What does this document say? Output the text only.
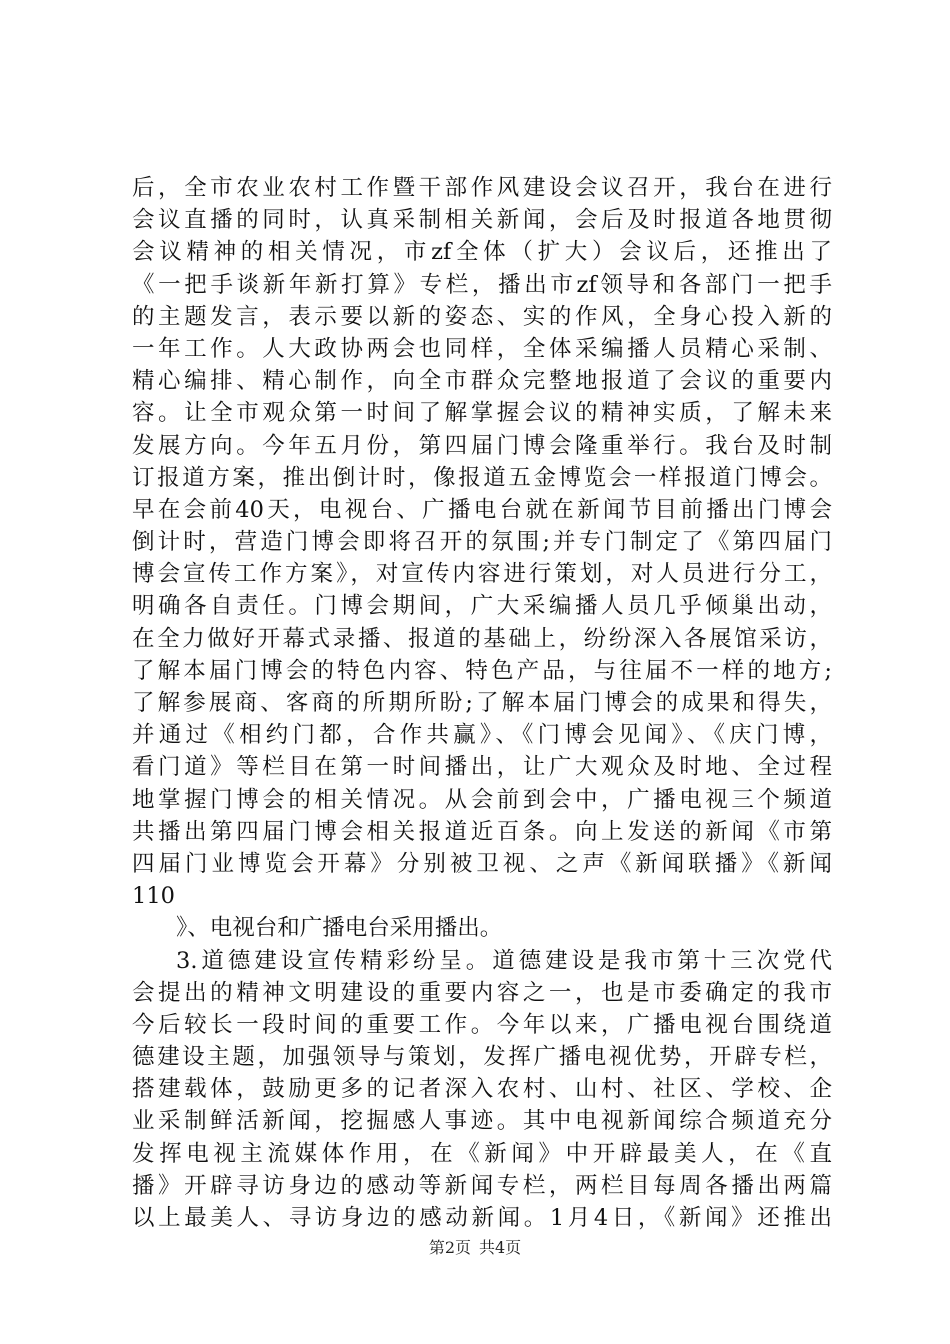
后，全市农业农村工作暨干部作风建设会议召开，我台在进行
会议直播的同时，认真采制相关新闻，会后及时报道各地贯彻
会议精神的相关情况，市zf全体（扩大）会议后，还推出了
《一把手谈新年新打算》专栏，播出市zf领导和各部门一把手
的主题发言，表示要以新的姿态、实的作风，全身心投入新的
一年工作。人大政协两会也同样，全体采编播人员精心采制、
精心编排、精心制作，向全市群众完整地报道了会议的重要内
容。让全市观众第一时间了解掌握会议的精神实质，了解未来
发展方向。今年五月份，第四届门博会隆重举行。我台及时制
订报道方案，推出倒计时，像报道五金博览会一样报道门博会。
早在会前40天，电视台、广播电台就在新闻节目前播出门博会
倒计时，营造门博会即将召开的氛围;并专门制定了《第四届门
博会宣传工作方案》，对宣传内容进行策划，对人员进行分工，
明确各自责任。门博会期间，广大采编播人员几乎倾巢出动，
在全力做好开幕式录播、报道的基础上，纷纷深入各展馆采访，
了解本届门博会的特色内容、特色产品，与往届不一样的地方;
了解参展商、客商的所期所盼;了解本届门博会的成果和得失，
并通过《相约门都，合作共赢》、《门博会见闻》、《庆门博，
看门道》等栏目在第一时间播出，让广大观众及时地、全过程
地掌握门博会的相关情况。从会前到会中，广播电视三个频道
共播出第四届门博会相关报道近百条。向上发送的新闻《市第
四届门业博览会开幕》分别被卫视、之声《新闻联播》《新闻
110
》、电视台和广播电台采用播出。
3.道德建设宣传精彩纷呈。道德建设是我市第十三次党代
会提出的精神文明建设的重要内容之一，也是市委确定的我市
今后较长一段时间的重要工作。今年以来，广播电视台围绕道
德建设主题，加强领导与策划，发挥广播电视优势，开辟专栏，
搭建载体，鼓励更多的记者深入农村、山村、社区、学校、企
业采制鲜活新闻，挖掘感人事迹。其中电视新闻综合频道充分
发挥电视主流媒体作用，在《新闻》中开辟最美人，在《直
播》开辟寻访身边的感动等新闻专栏，两栏目每周各播出两篇
以上最美人、寻访身边的感动新闻。1月4日，《新闻》还推出
第2页 共4页
